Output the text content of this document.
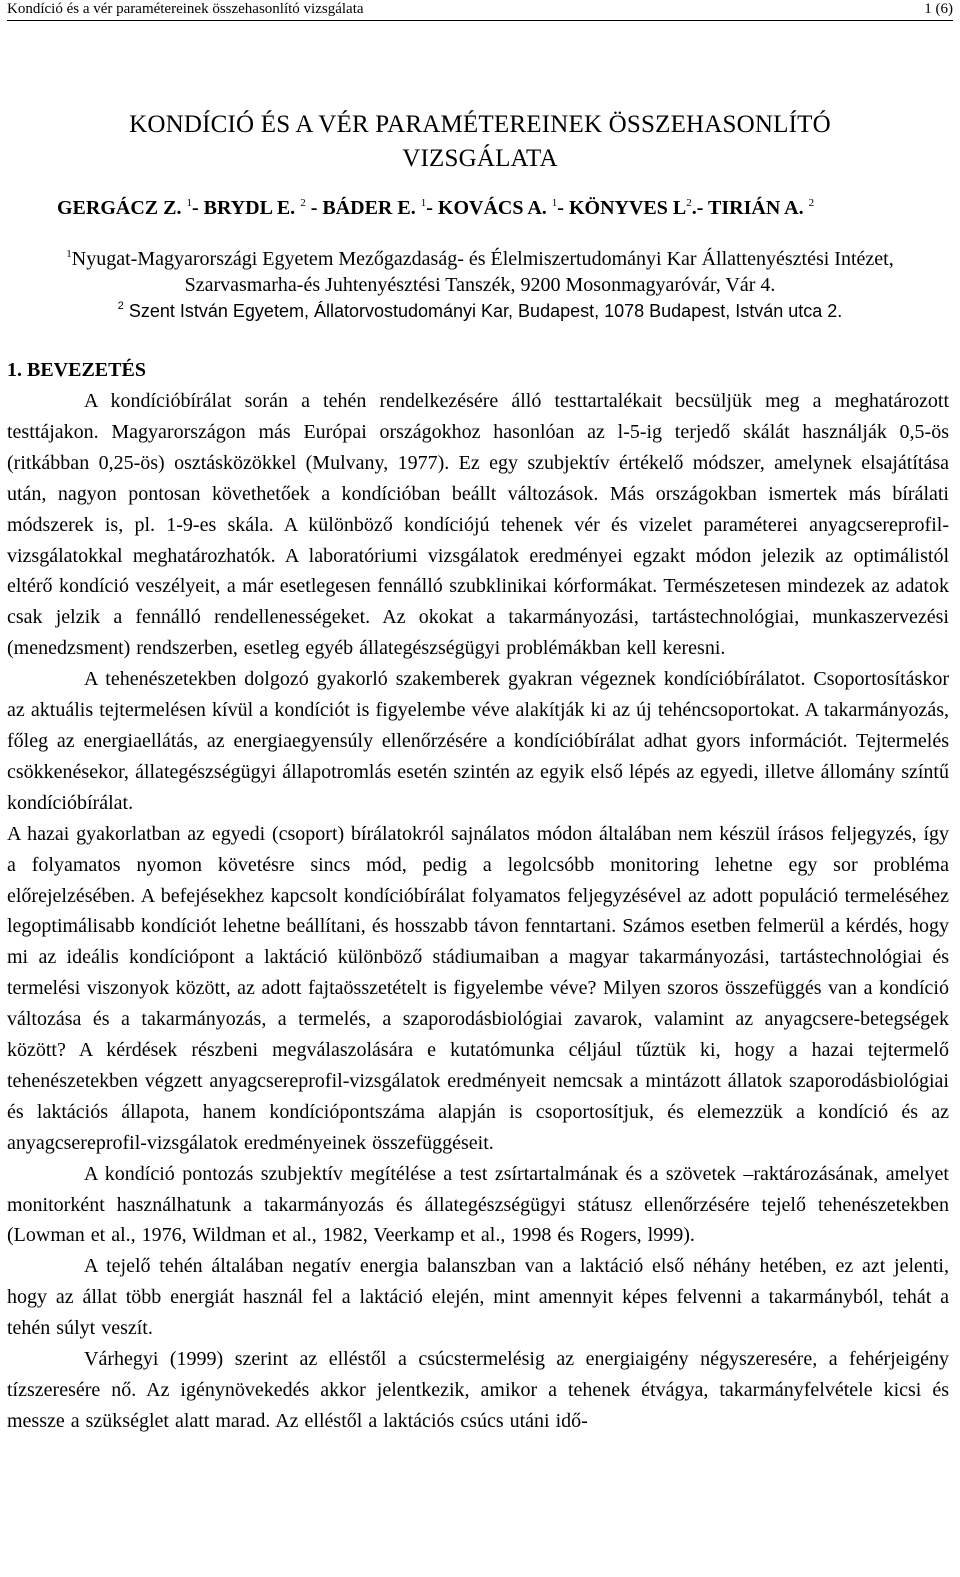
Kondíció és a vér paramétereinek összehasonlító vizsgálata	1 (6)
KONDÍCIÓ ÉS A VÉR PARAMÉTEREINEK ÖSSZEHASONLÍTÓ
VIZSGÁLATA
GERGÁCZ Z. $^1$- BRYDL E. $^2$ - BÁDER E. $^1$- KOVÁCS A. $^1$- KÖNYVES $L^2.-$ TIRIÁN A. $^2$
$^1$Nyugat-Magyarországi Egyetem Mezőgazdaság- és Élelmiszertudományi Kar Állattenyésztési Intézet,
Szarvasmarha-és Juhtenyésztési Tanszék, 9200 Mosonmagyaróvár, Vár 4.
$^2$ Szent István Egyetem, Állatorvostudományi Kar, Budapest, 1078 Budapest, István utca 2.
1. BEVEZETÉS

A kondícióbírálat során a tehén rendelkezésére álló testtartalékait becsüljük meg a meghatározott testtájakon. Magyarországon más Európai országokhoz hasonlóan az l-5-ig terjedő skálát használják 0,5-ös (ritkábban 0,25-ös) osztásközökkel (Mulvany, 1977). Ez egy szubjektív értékelő módszer, amelynek elsajátítása után, nagyon pontosan követhetőek a kondícióban beállt változások. Más országokban ismertek más bírálati módszerek is, pl. 1-9-es skála. A különböző kondíciójú tehenek vér és vizelet paraméterei anyagcsereprofil-vizsgálatokkal meghatározhatók. A laboratóriumi vizsgálatok eredményei egzakt módon jelezik az optimálistól eltérő kondíció veszélyeit, a már esetlegesen fennálló szubklinikai kórformákat. Természetesen mindezek az adatok csak jelzik a fennálló rendellenességeket. Az okokat a takarmányozási, tartástechnológiai, munkaszervezési (menedzsment) rendszerben, esetleg egyéb állategészségügyi problémákban kell keresni.

A tehenészetekben dolgozó gyakorló szakemberek gyakran végeznek kondícióbírálatot. Csoportosításkor az aktuális tejtermelésen kívül a kondíciót is figyelembe véve alakítják ki az új tehéncsoportokat. A takarmányozás, főleg az energiaellátás, az energiaegyensúly ellenőrzésére a kondícióbírálat adhat gyors információt. Tejtermelés csökkenésekor, állategészségügyi állapotromlás esetén szintén az egyik első lépés az egyedi, illetve állomány színtű kondícióbírálat.

A hazai gyakorlatban az egyedi (csoport) bírálatokról sajnálatos módon általában nem készül írásos feljegyzés, így a folyamatos nyomon követésre sincs mód, pedig a legolcsóbb monitoring lehetne egy sor probléma előrejelzésében. A befejésekhez kapcsolt kondícióbírálat folyamatos feljegyzésével az adott populáció termeléséhez legoptimálisabb kondíciót lehetne beállítani, és hosszabb távon fenntartani. Számos esetben felmerül a kérdés, hogy mi az ideális kondíciópont a laktáció különböző stádiumaiban a magyar takarmányozási, tartástechnológiai és termelési viszonyok között, az adott fajtaösszetételt is figyelembe véve? Milyen szoros összefüggés van a kondíció változása és a takarmányozás, a termelés, a szaporodásbiológiai zavarok, valamint az anyagcsere-betegségek között? A kérdések részbeni megválaszolására e kutatómunka céljául tűztük ki, hogy a hazai tejtermelő tehenészetekben végzett anyagcsereprofil-vizsgálatok eredményeit nemcsak a mintázott állatok szaporodásbiológiai és laktációs állapota, hanem kondíciópontszáma alapján is csoportosítjuk, és elemezzük a kondíció és az anyagcsereprofil-vizsgálatok eredményeinek összefüggéseit.

A kondíció pontozás szubjektív megítélése a test zsírtartalmának és a szövetek –raktározásának, amelyet monitorként használhatunk a takarmányozás és állategészségügyi státusz ellenőrzésére tejelő tehenészetekben (Lowman et al., 1976, Wildman et al., 1982, Veerkamp et al., 1998 és Rogers, l999).

A tejelő tehén általában negatív energia balanszban van a laktáció első néhány hetében, ez azt jelenti, hogy az állat több energiát használ fel a laktáció elején, mint amennyit képes felvenni a takarmányból, tehát a tehén súlyt veszít.

Várhegyi (1999) szerint az elléstől a csúcstermelésig az energiaigény négyszeresére, a fehérjeigény tízszeresére nő. Az igénynövekedés akkor jelentkezik, amikor a tehenek étvágya, takarmányfelvétele kicsi és messze a szükséglet alatt marad. Az elléstől a laktációs csúcs utáni idő-
